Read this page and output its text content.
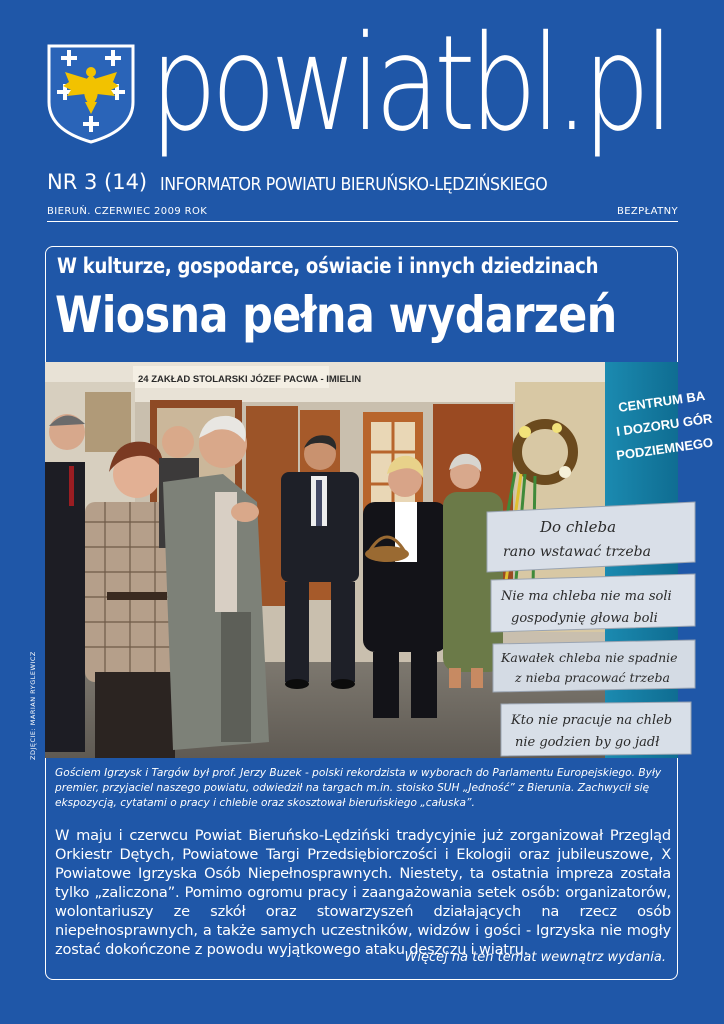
powiatbl.pl
NR 3 (14) INFORMATOR POWIATU BIERUŃSKO-LĘDZIŃSKIEGO
BIERUŃ. CZERWIEC 2009 ROK	BEZPŁATNY
W kulturze, gospodarce, oświacie i innych dziedzinach
Wiosna pełna wydarzeń
24 ZAKŁAD STOLARSKI JÓZEF PACWA - IMIELIN
CENTRUM BA
I DOZORU GÓR
PODZIEMNEGO
Do chleba
rano wstawać trzeba
Nie ma chleba nie ma soli
gospodynię głowa boli
Kawałek chleba nie spadnie
z nieba pracować trzeba
Kto nie pracuje na chleb
nie godzien by go jadł
ZDJĘCIE: MARIAN RYGLEWICZ
Gościem Igrzysk i Targów był prof. Jerzy Buzek - polski rekordzista w wyborach do Parlamentu Europejskiego. Były premier, przyjaciel naszego powiatu, odwiedził na targach m.in. stoisko SUH „Jedność” z Bierunia. Zachwycił się ekspozycją, cytatami o pracy i chlebie oraz skosztował bieruńskiego „całuska”.
W maju i czerwcu Powiat Bieruńsko-Lędziński tradycyjnie już zorganizował Przegląd Orkiestr Dętych, Powiatowe Targi Przedsiębiorczości i Ekologii oraz jubileuszowe, X Powiatowe Igrzyska Osób Niepełnosprawnych. Niestety, ta ostatnia impreza została tylko „zaliczona”. Pomimo ogromu pracy i zaangażowania setek osób: organizatorów, wolontariuszy ze szkół oraz stowarzyszeń działających na rzecz osób niepełnosprawnych, a także samych uczestników, widzów i gości - Igrzyska nie mogły zostać dokończone z powodu wyjątkowego ataku deszczu i wiatru.
Więcej na ten temat wewnątrz wydania.
